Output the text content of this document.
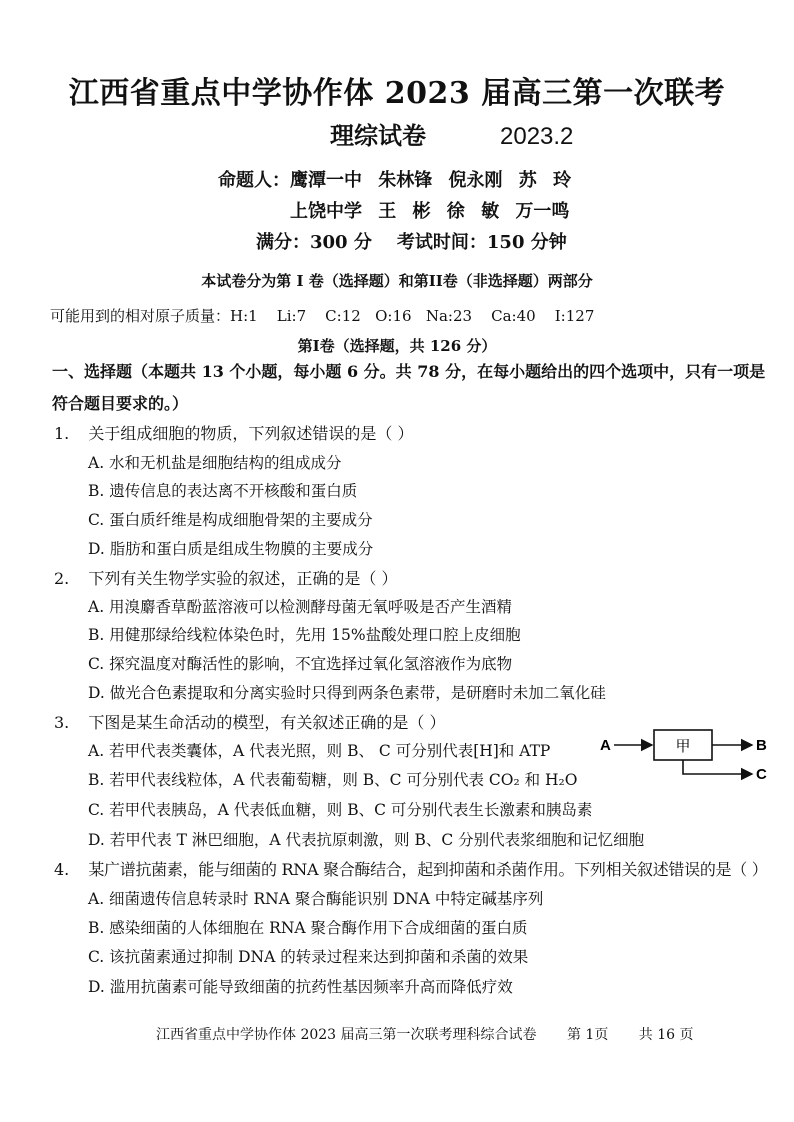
江西省重点中学协作体 2023 届高三第一次联考
理综试卷	2023.2
命题人：鹰潭一中 朱林锋 倪永刚 苏 玲
上饶中学 王 彬 徐 敏 万一鸣
满分：300 分    考试时间：150 分钟
本试卷分为第 I 卷（选择题）和第II卷（非选择题）两部分
可能用到的相对原子质量：H:1    Li:7    C:12   O:16   Na:23    Ca:40    I:127
第I卷（选择题，共 126 分）
一、选择题（本题共 13 个小题，每小题 6 分。共 78 分，在每小题给出的四个选项中，只有一项是符合题目要求的。）
1. 关于组成细胞的物质，下列叙述错误的是（ ）
A. 水和无机盐是细胞结构的组成成分
B. 遗传信息的表达离不开核酸和蛋白质
C. 蛋白质纤维是构成细胞骨架的主要成分
D. 脂肪和蛋白质是组成生物膜的主要成分
2. 下列有关生物学实验的叙述，正确的是（ ）
A. 用溴麝香草酚蓝溶液可以检测酵母菌无氧呼吸是否产生酒精
B. 用健那绿给线粒体染色时，先用 15%盐酸处理口腔上皮细胞
C. 探究温度对酶活性的影响，不宜选择过氧化氢溶液作为底物
D. 做光合色素提取和分离实验时只得到两条色素带，是研磨时未加二氧化硅
3. 下图是某生命活动的模型，有关叙述正确的是（ ）
A. 若甲代表类囊体，A 代表光照，则 B、 C 可分别代表[H]和 ATP
B. 若甲代表线粒体，A 代表葡萄糖，则 B、C 可分别代表 CO₂ 和 H₂O
C. 若甲代表胰岛，A 代表低血糖，则 B、C 可分别代表生长激素和胰岛素
D. 若甲代表 T 淋巴细胞，A 代表抗原刺激，则 B、C 分别代表浆细胞和记忆细胞
A	甲	B
C
4. 某广谱抗菌素，能与细菌的 RNA 聚合酶结合，起到抑菌和杀菌作用。下列相关叙述错误的是（ ）
A. 细菌遗传信息转录时 RNA 聚合酶能识别 DNA 中特定碱基序列
B. 感染细菌的人体细胞在 RNA 聚合酶作用下合成细菌的蛋白质
C. 该抗菌素通过抑制 DNA 的转录过程来达到抑菌和杀菌的效果
D. 滥用抗菌素可能导致细菌的抗药性基因频率升高而降低疗效
江西省重点中学协作体 2023 届高三第一次联考理科综合试卷 第 1页 共 16 页
